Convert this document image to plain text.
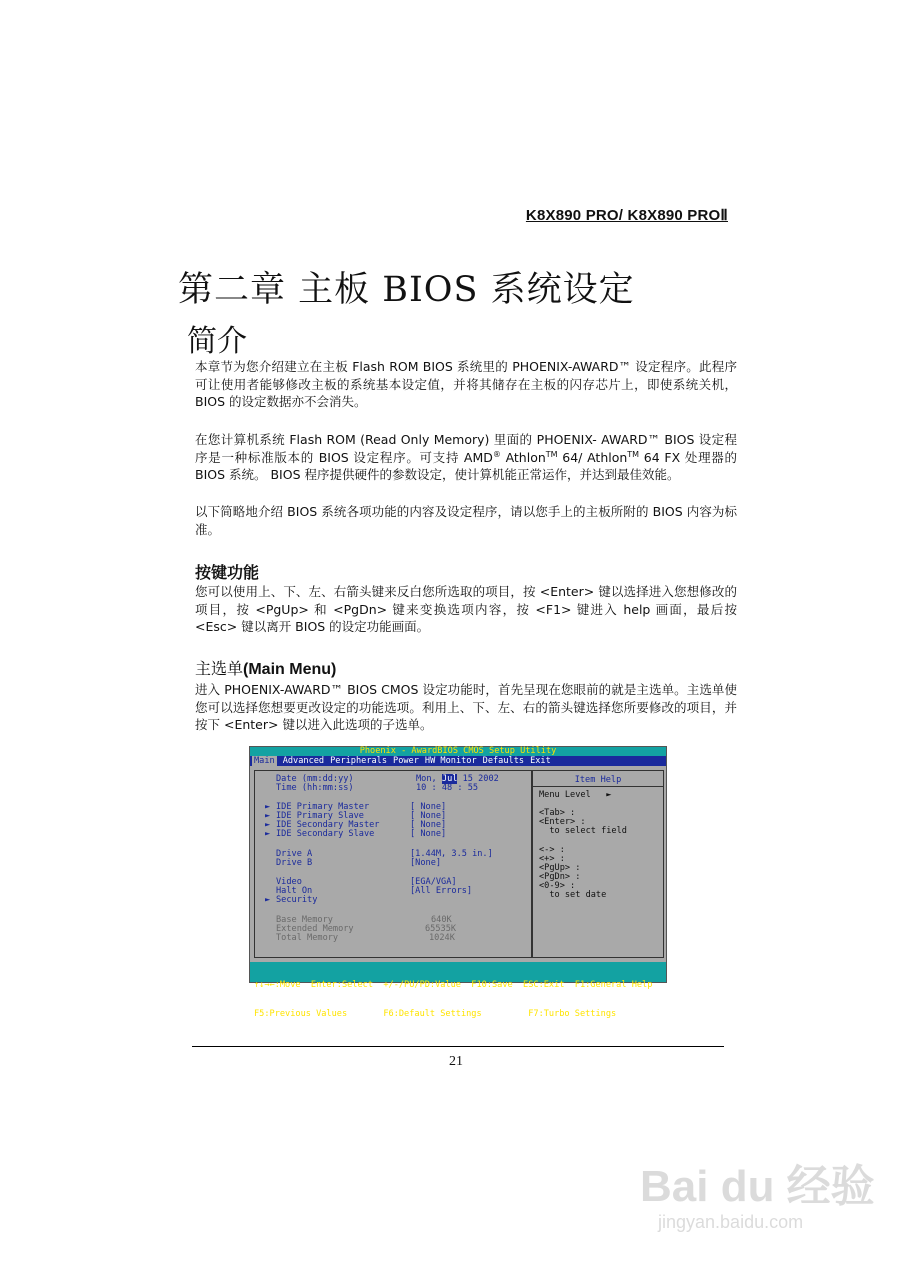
K8X890 PRO/ K8X890 PROⅡ
第二章 主板 BIOS 系统设定
简介
本章节为您介绍建立在主板 Flash ROM BIOS 系统里的 PHOENIX-AWARD™ 设定程序。此程序可让使用者能够修改主板的系统基本设定值，并将其储存在主板的闪存芯片上，即使系统关机，BIOS 的设定数据亦不会消失。
在您计算机系统 Flash ROM (Read Only Memory) 里面的 PHOENIX- AWARD™ BIOS 设定程序是一种标准版本的 BIOS 设定程序。可支持 AMD® Athlon™ 64/ Athlon™ 64 FX 处理器的 BIOS 系统。 BIOS 程序提供硬件的参数设定，使计算机能正常运作，并达到最佳效能。
以下简略地介绍 BIOS 系统各项功能的内容及设定程序，请以您手上的主板所附的 BIOS 内容为标准。
按键功能
您可以使用上、下、左、右箭头键来反白您所选取的项目，按 <Enter> 键以选择进入您想修改的项目，按 <PgUp> 和 <PgDn> 键来变换选项内容，按 <F1> 键进入 help 画面，最后按 <Esc> 键以离开 BIOS 的设定功能画面。
主选单(Main Menu)
进入 PHOENIX-AWARD™ BIOS CMOS 设定功能时，首先呈现在您眼前的就是主选单。主选单使您可以选择您想要更改设定的功能选项。利用上、下、左、右的箭头键选择您所要修改的项目，并按下 <Enter> 键以进入此选项的子选单。
Phoenix - AwardBIOS CMOS Setup Utility
Main Advanced Peripherals Power HW Monitor Defaults Exit
Date (mm:dd:yy)	Mon, Jul 15 2002
Time (hh:mm:ss)	10 : 48 : 55
► IDE Primary Master	[ None]
► IDE Primary Slave	[ None]
► IDE Secondary Master	[ None]
► IDE Secondary Slave	[ None]
Drive A	[1.44M, 3.5 in.]
Drive B	[None]
Video	[EGA/VGA]
Halt On	[All Errors]
► Security
Base Memory	640K
Extended Memory	65535K
Total Memory	1024K
Item Help
Menu Level   ►
<Tab> :
<Enter> :
to select field
<-> :
<+> :
<PgUp> :
<PgDn> :
<0-9> :
to set date

↑↓→←:Move  Enter:Select  +/-/PU/PD:Value  F10:Save  ESC:Exit  F1:General Help

F5:Previous Values       F6:Default Settings         F7:Turbo Settings

21
Bai du 经验
jingyan.baidu.com
